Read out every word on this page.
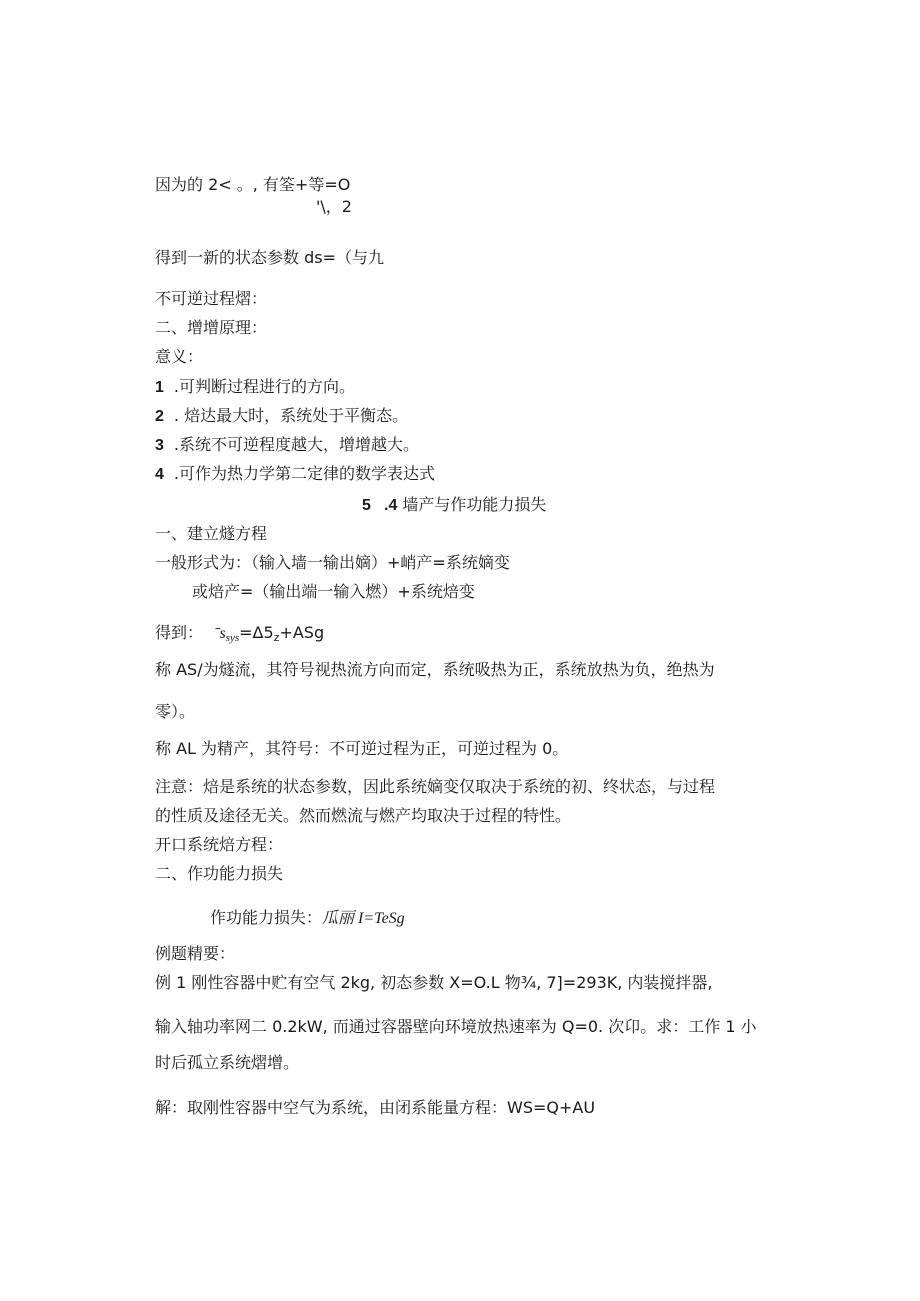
因为的 2< 。, 有筌+等=O
'\，2
得到一新的状态参数 ds=（与九
不可逆过程熠：
二、增增原理：
意义：
1 .可判断过程进行的方向。
2 . 焙达最大时，系统处于平衡态。
3 .系统不可逆程度越大，增增越大。
4 .可作为热力学第二定律的数学表达式
5 .4 墙产与作功能力损失
一、建立燧方程
一般形式为：（输入墙一输出嫡）+峭产=系统嫡变
或焙产=（输出端一输入燃）+系统焙变
得到： $ˉs_{sys}=\Delta 5_z+ASg$
称 AS/为燧流，其符号视热流方向而定，系统吸热为正，系统放热为负，绝热为
零）。
称 AL 为精产，其符号：不可逆过程为正，可逆过程为 0。
注意：焙是系统的状态参数，因此系统嫡变仅取决于系统的初、终状态，与过程
的性质及途径无关。然而燃流与燃产均取决于过程的特性。
开口系统焙方程：
二、作功能力损失
作功能力损失：瓜丽 I=TeSg
例题精要：
例 1 刚性容器中贮有空气 2kg, 初态参数 X=O.L 物¾, 7]=293K, 内装搅拌器,
输入轴功率网二 0.2kW, 而通过容器壁向环境放热速率为 Q=0. 次卬。求：工作 1 小
时后孤立系统熠增。
解：取刚性容器中空气为系统，由闭系能量方程：WS=Q+AU
